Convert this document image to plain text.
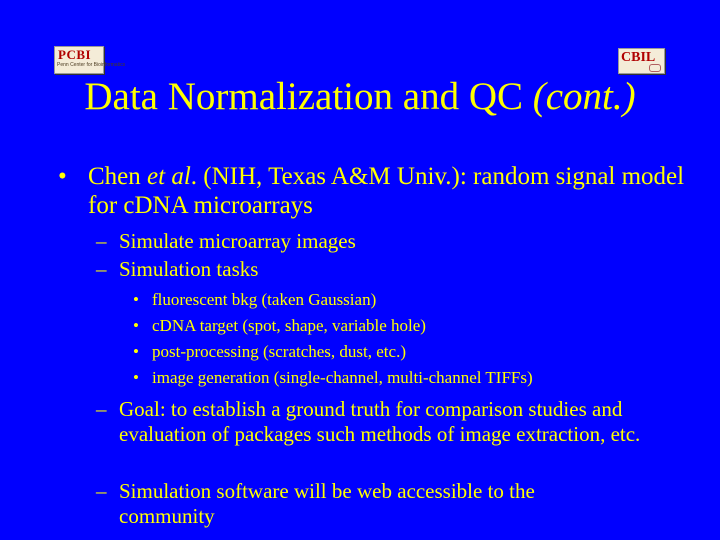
PCBI
Penn Center for Bioinformatics	CBIL
Data Normalization and QC (cont.)
• Chen et al. (NIH, Texas A&M Univ.): random signal model for cDNA microarrays
– Simulate microarray images
– Simulation tasks
• fluorescent bkg (taken Gaussian)
• cDNA target (spot, shape, variable hole)
• post-processing (scratches, dust, etc.)
• image generation (single-channel, multi-channel TIFFs)
– Goal: to establish a ground truth for comparison studies and evaluation of packages such methods of image extraction, etc.
– Simulation software will be web accessible to the community
